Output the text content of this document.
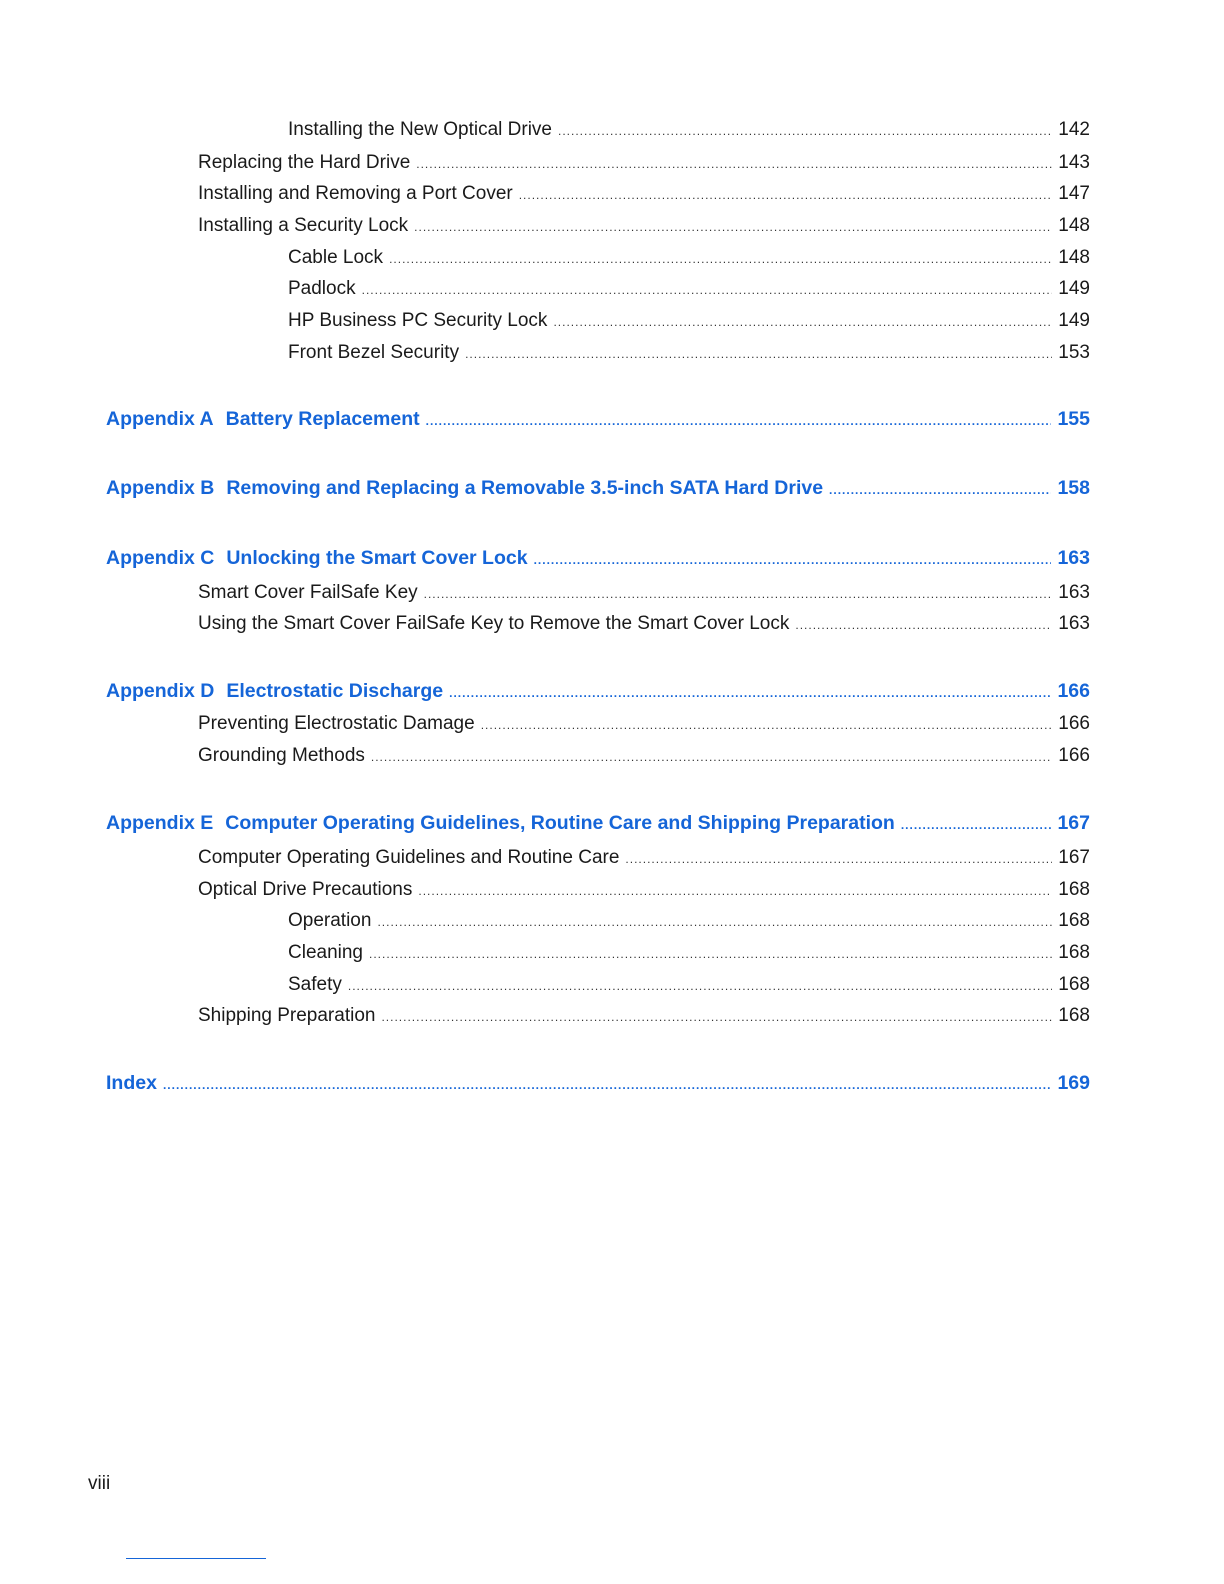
Installing the New Optical Drive .....	142
Replacing the Hard Drive .....	143
Installing and Removing a Port Cover .....	147
Installing a Security Lock .....	148
Cable Lock .....	148
Padlock .....	149
HP Business PC Security Lock .....	149
Front Bezel Security .....	153
Appendix A Battery Replacement .....	155
Appendix B Removing and Replacing a Removable 3.5-inch SATA Hard Drive .....	158
Appendix C Unlocking the Smart Cover Lock .....	163
Smart Cover FailSafe Key .....	163
Using the Smart Cover FailSafe Key to Remove the Smart Cover Lock .....	163
Appendix D Electrostatic Discharge .....	166
Preventing Electrostatic Damage .....	166
Grounding Methods .....	166
Appendix E Computer Operating Guidelines, Routine Care and Shipping Preparation .....	167
Computer Operating Guidelines and Routine Care .....	167
Optical Drive Precautions .....	168
Operation .....	168
Cleaning .....	168
Safety .....	168
Shipping Preparation .....	168
Index .....	169
viii
